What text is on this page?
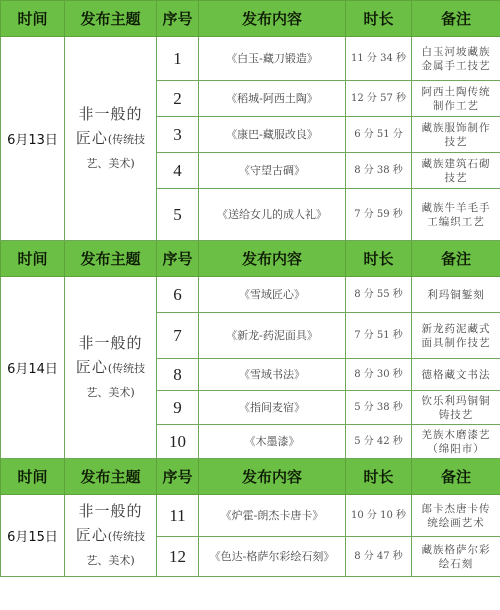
时间	发布主题	序号	发布内容	时长	备注
6月13日	非一般的
匠心(传统技
艺、美术)	1	《白玉-藏刀锻造》	11 分 34 秒	白玉河坡藏族金属手工技艺
		2	《稻城-阿西土陶》	12 分 57 秒	阿西土陶传统制作工艺
		3	《康巴-藏服改良》	6 分 51 分	藏族服饰制作技艺
		4	《守望古碉》	8 分 38 秒	藏族建筑石砌技艺
		5	《送给女儿的成人礼》	7 分 59 秒	藏族牛羊毛手工编织工艺
时间	发布主题	序号	发布内容	时长	备注
6月14日	非一般的
匠心(传统技
艺、美术)	6	《雪域匠心》	8 分 55 秒	利玛铜錾刻
		7	《新龙-药泥面具》	7 分 51 秒	新龙药泥藏式面具制作技艺
		8	《雪域书法》	8 分 30 秒	德格藏文书法
		9	《指间麦宿》	5 分 38 秒	钦乐利玛铜铜铸技艺
		10	《木墨漆》	5 分 42 秒	羌族木磨漆艺（绵阳市）
时间	发布主题	序号	发布内容	时长	备注
6月15日	非一般的
匠心(传统技
艺、美术)	11	《炉霍-朗杰卡唐卡》	10 分 10 秒	郎卡杰唐卡传统绘画艺术
		12	《色达-格萨尔彩绘石刻》	8 分 47 秒	藏族格萨尔彩绘石刻
